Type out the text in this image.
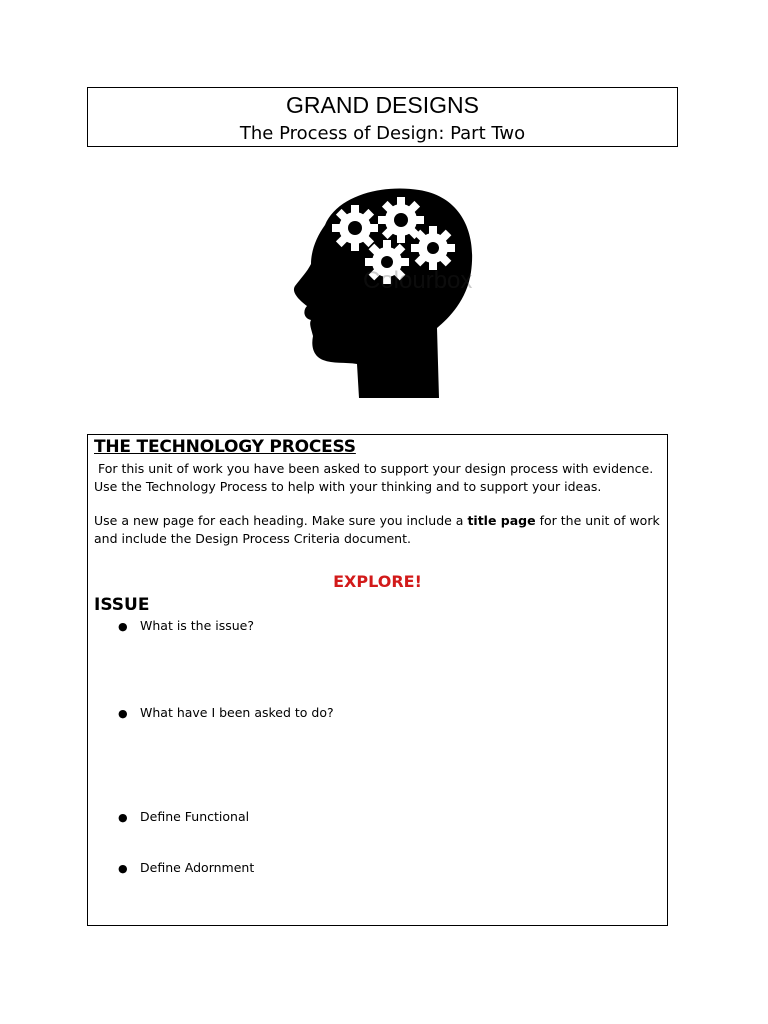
GRAND DESIGNS
The Process of Design: Part Two
Colourbox
THE TECHNOLOGY PROCESS
For this unit of work you have been asked to support your design process with evidence.
Use the Technology Process to help with your thinking and to support your ideas.
Use a new page for each heading. Make sure you include a title page for the unit of work
and include the Design Process Criteria document.
EXPLORE!
ISSUE
● What is the issue?
● What have I been asked to do?
● Define Functional
● Define Adornment
